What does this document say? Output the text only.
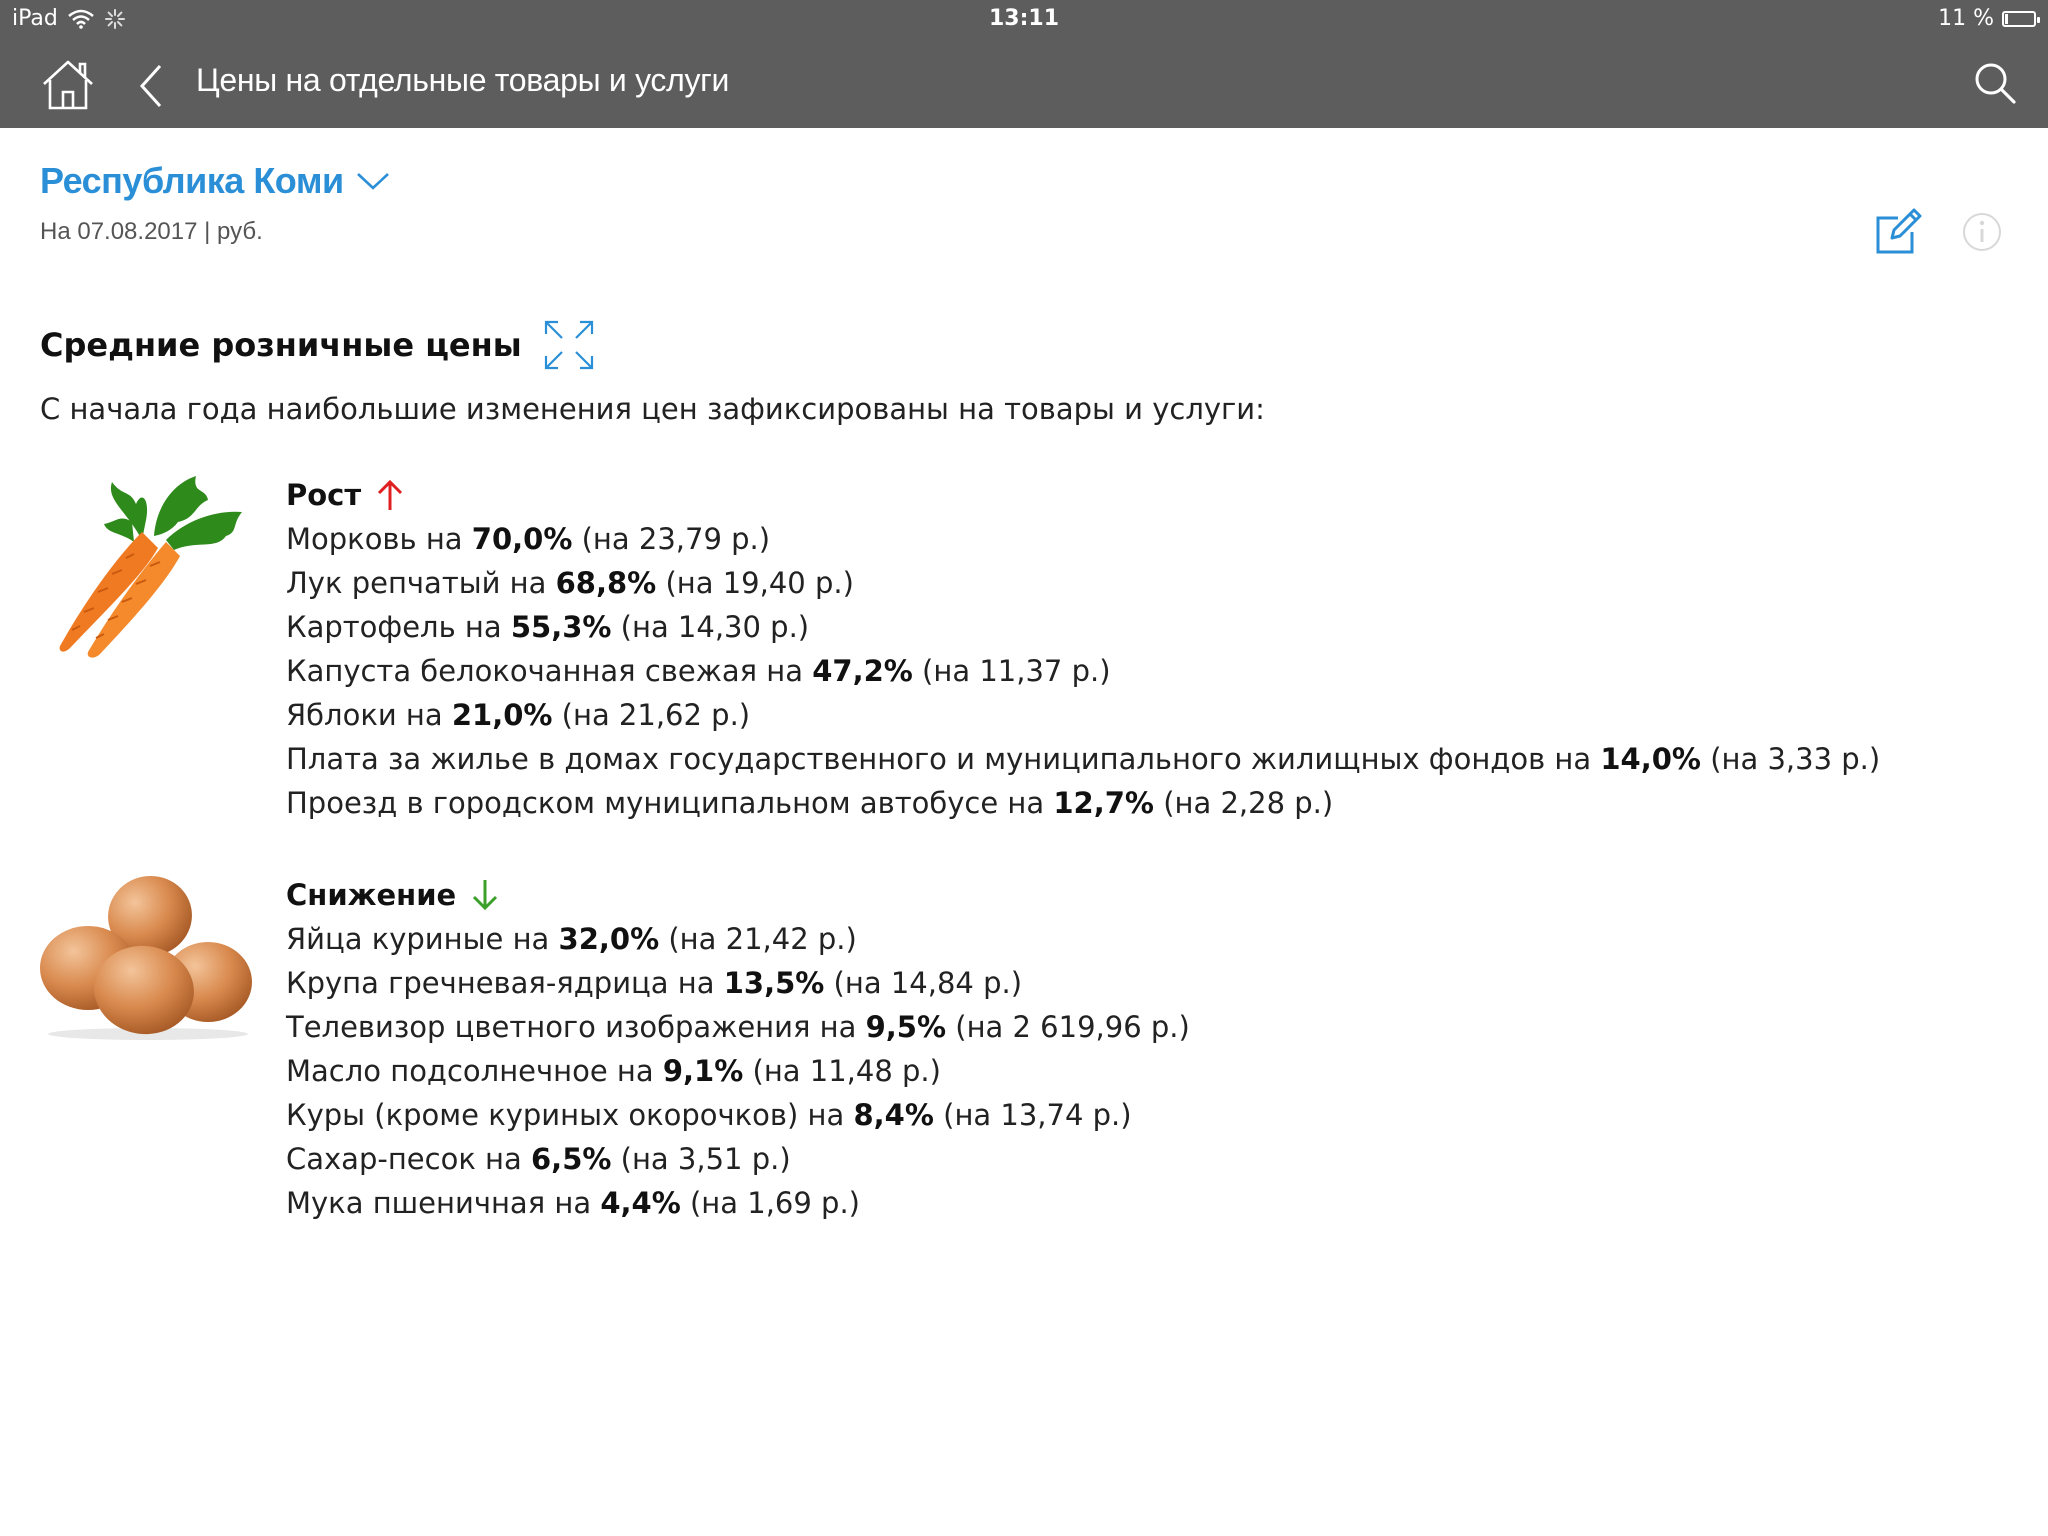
iPad	13:11	11 %
Цены на отдельные товары и услуги
Республика Коми
На 07.08.2017 | руб.
Средние розничные цены
С начала года наибольшие изменения цен зафиксированы на товары и услуги:
Рост
Морковь на 70,0% (на 23,79 р.)
Лук репчатый на 68,8% (на 19,40 р.)
Картофель на 55,3% (на 14,30 р.)
Капуста белокочанная свежая на 47,2% (на 11,37 р.)
Яблоки на 21,0% (на 21,62 р.)
Плата за жилье в домах государственного и муниципального жилищных фондов на 14,0% (на 3,33 р.)
Проезд в городском муниципальном автобусе на 12,7% (на 2,28 р.)
Снижение
Яйца куриные на 32,0% (на 21,42 р.)
Крупа гречневая-ядрица на 13,5% (на 14,84 р.)
Телевизор цветного изображения на 9,5% (на 2 619,96 р.)
Масло подсолнечное на 9,1% (на 11,48 р.)
Куры (кроме куриных окорочков) на 8,4% (на 13,74 р.)
Сахар-песок на 6,5% (на 3,51 р.)
Мука пшеничная на 4,4% (на 1,69 р.)
